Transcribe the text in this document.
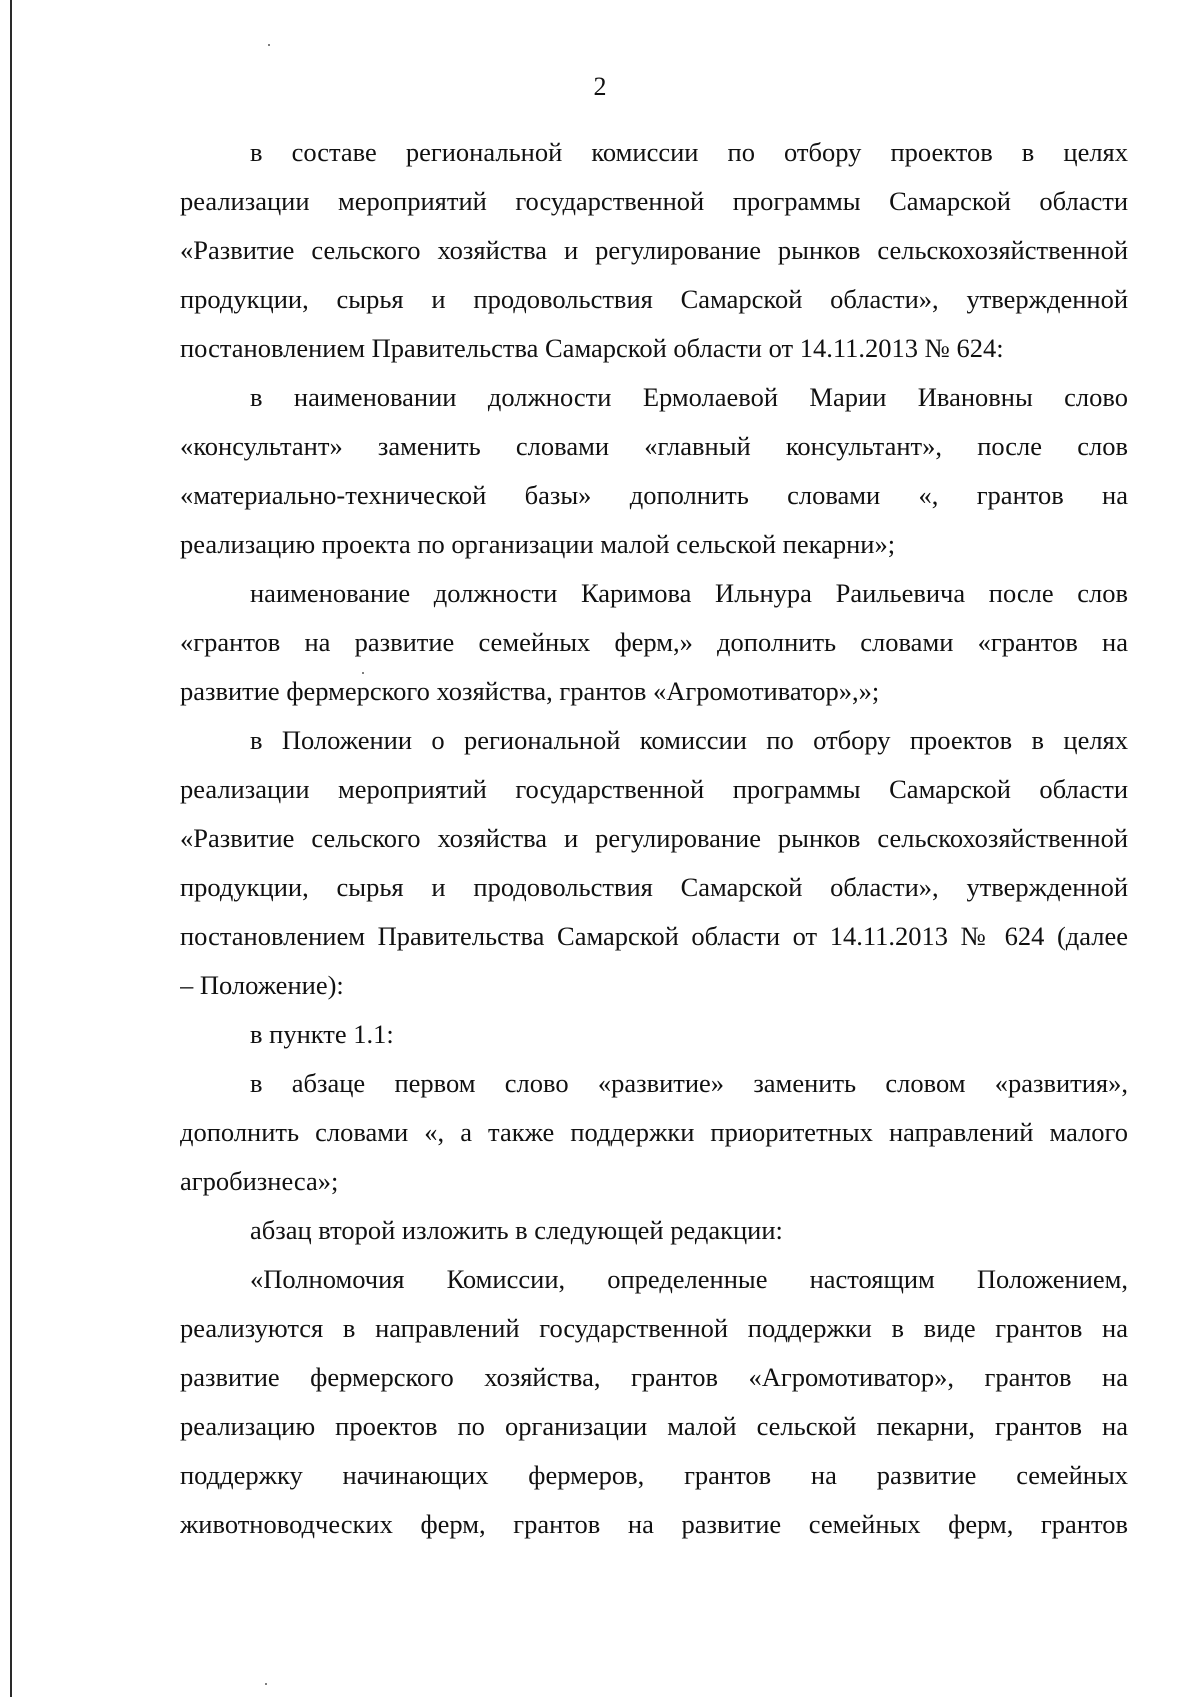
2
в составе региональной комиссии по отбору проектов в целях
реализации мероприятий государственной программы Самарской области
«Развитие сельского хозяйства и регулирование рынков сельскохозяйственной
продукции, сырья и продовольствия Самарской области», утвержденной
постановлением Правительства Самарской области от 14.11.2013 № 624:
в наименовании должности Ермолаевой Марии Ивановны слово
«консультант» заменить словами «главный консультант», после слов
«материально-технической базы» дополнить словами «, грантов на
реализацию проекта по организации малой сельской пекарни»;
наименование должности Каримова Ильнура Раильевича после слов
«грантов на развитие семейных ферм,» дополнить словами «грантов на
развитие фермерского хозяйства, грантов «Агромотиватор»,»;
в Положении о региональной комиссии по отбору проектов в целях
реализации мероприятий государственной программы Самарской области
«Развитие сельского хозяйства и регулирование рынков сельскохозяйственной
продукции, сырья и продовольствия Самарской области», утвержденной
постановлением Правительства Самарской области от 14.11.2013 № 624 (далее
– Положение):
в пункте 1.1:
в абзаце первом слово «развитие» заменить словом «развития»,
дополнить словами «, а также поддержки приоритетных направлений малого
агробизнеса»;
абзац второй изложить в следующей редакции:
«Полномочия Комиссии, определенные настоящим Положением,
реализуются в направлений государственной поддержки в виде грантов на
развитие фермерского хозяйства, грантов «Агромотиватор», грантов на
реализацию проектов по организации малой сельской пекарни, грантов на
поддержку начинающих фермеров, грантов на развитие семейных
животноводческих ферм, грантов на развитие семейных ферм, грантов
